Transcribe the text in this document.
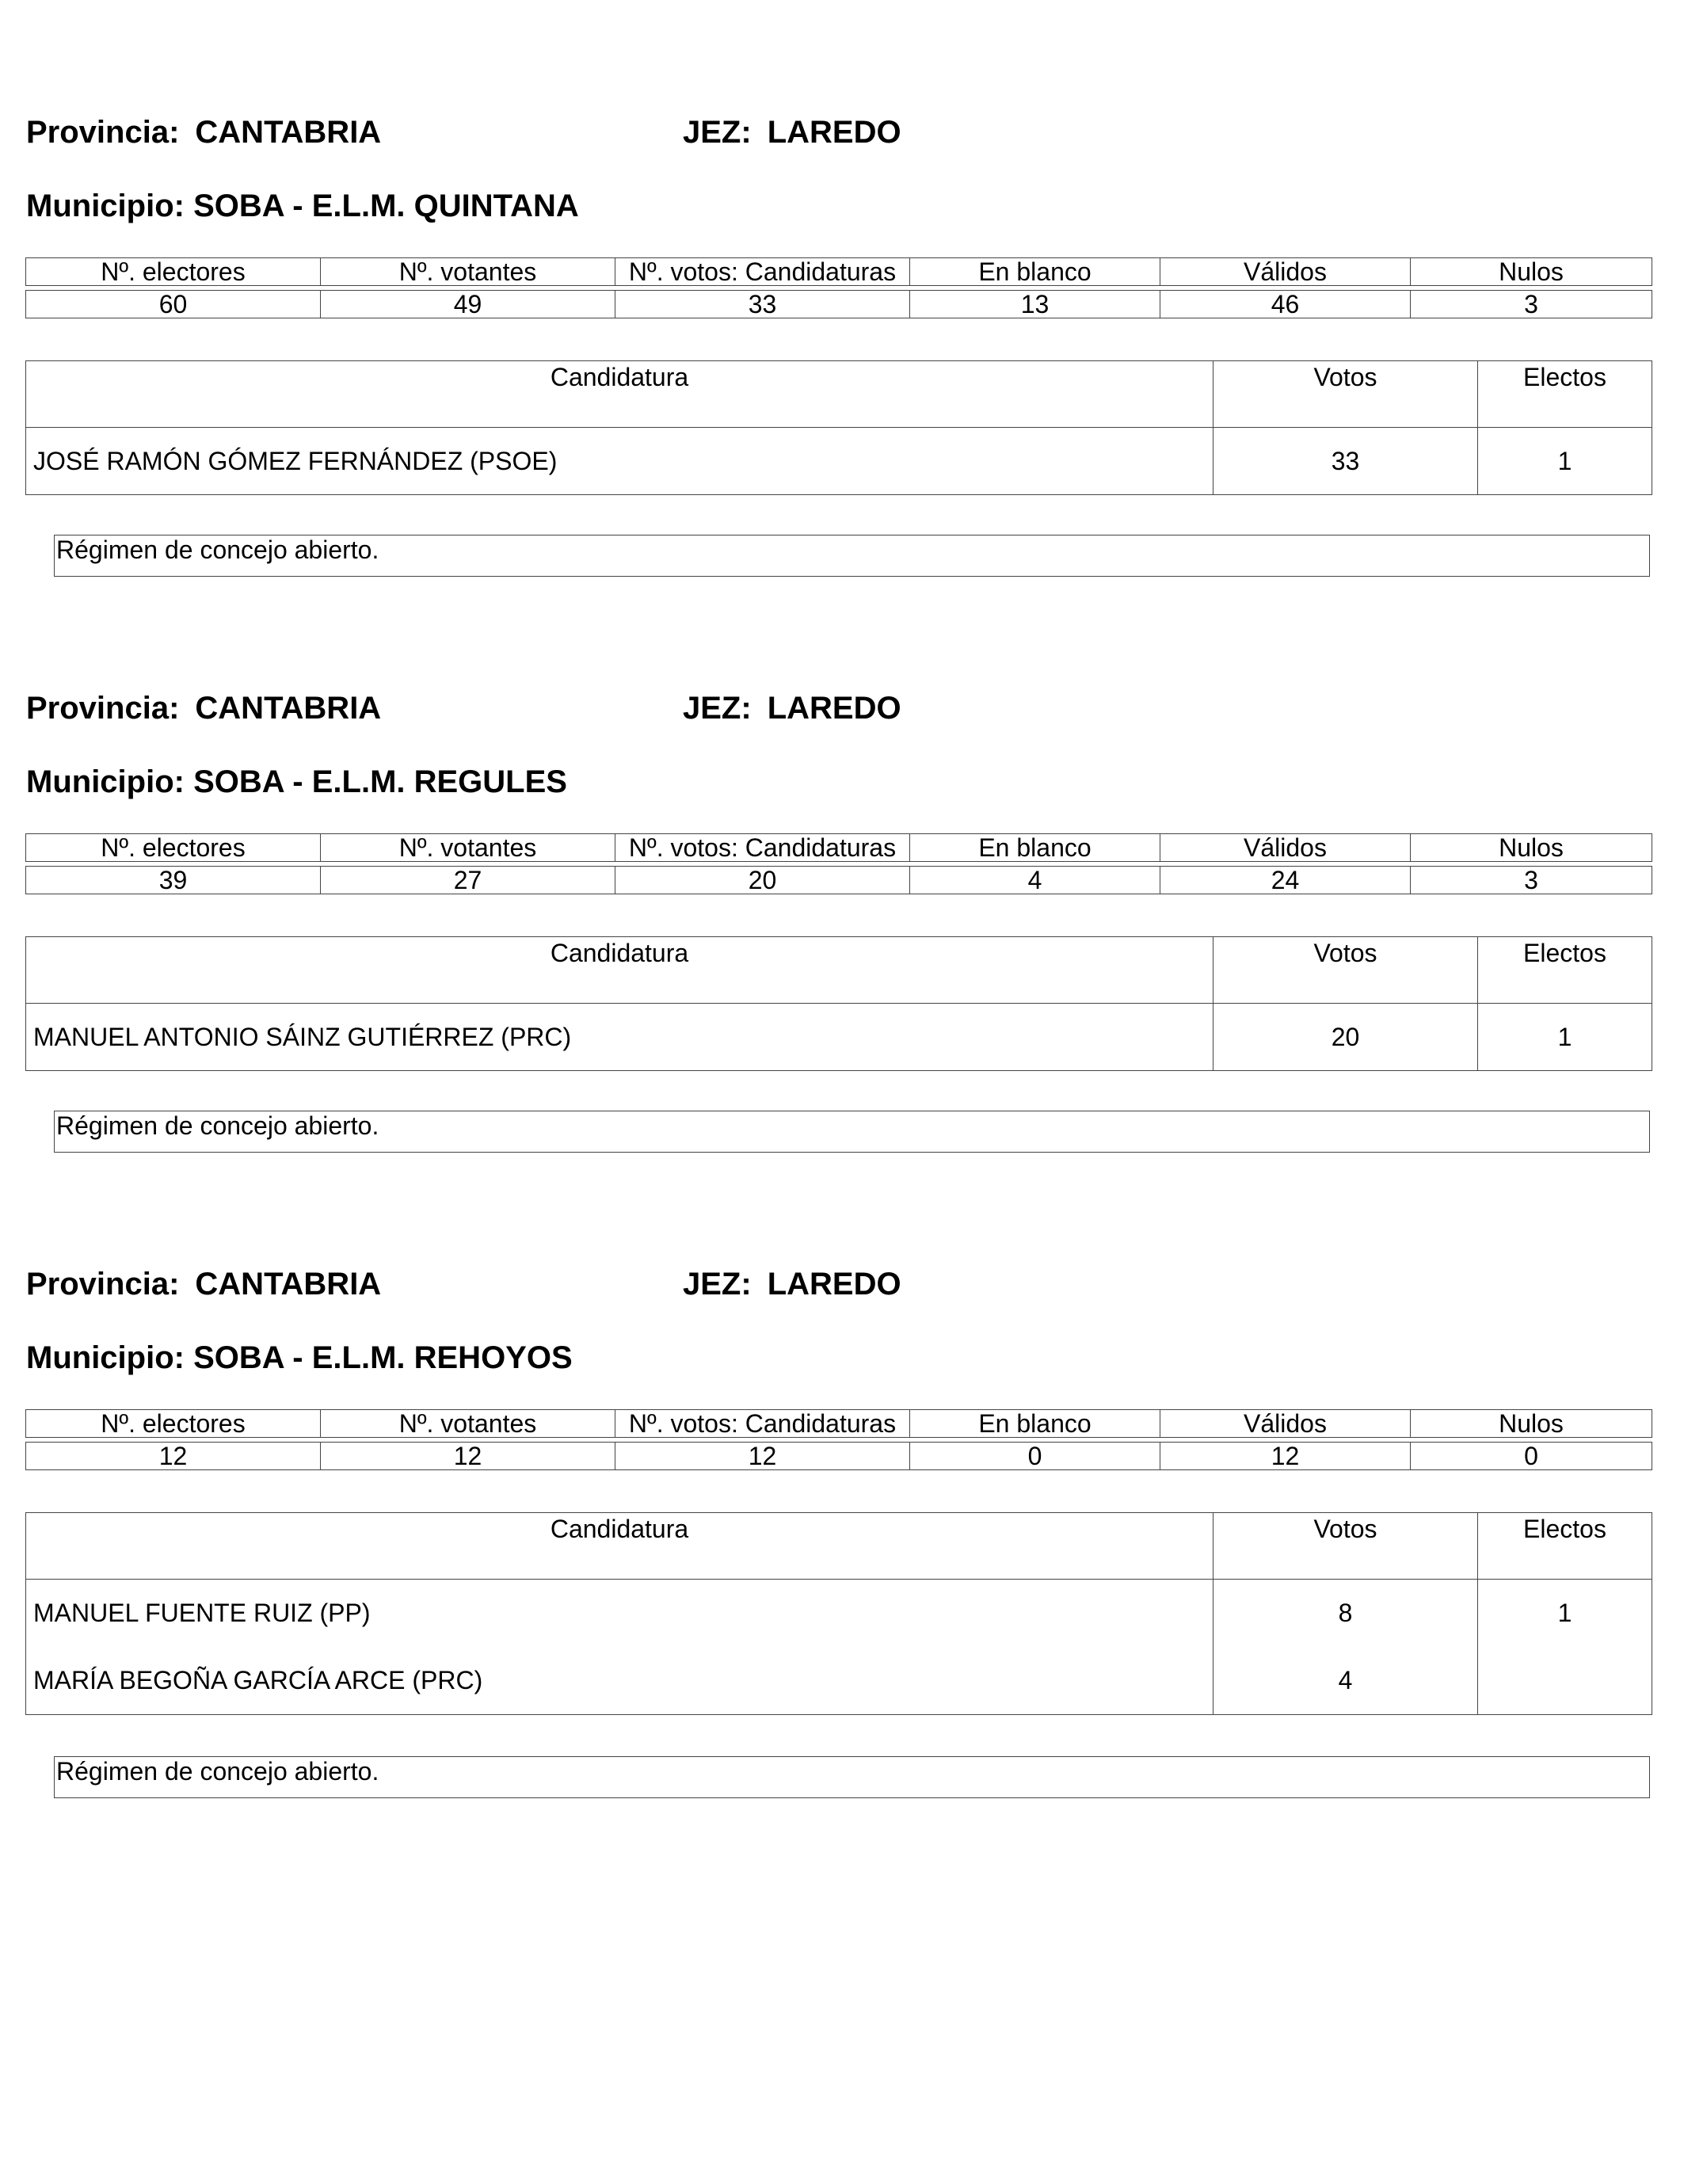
Provincia: CANTABRIA	JEZ: LAREDO
Municipio: SOBA - E.L.M. QUINTANA
Nº. electores	Nº. votantes	Nº. votos: Candidaturas	En blanco	Válidos	Nulos

60	49	33	13	46	3
Candidatura	Votos	Electos
JOSÉ RAMÓN GÓMEZ FERNÁNDEZ (PSOE)	33	1
Régimen de concejo abierto.
Provincia: CANTABRIA	JEZ: LAREDO
Municipio: SOBA - E.L.M. REGULES
Nº. electores	Nº. votantes	Nº. votos: Candidaturas	En blanco	Válidos	Nulos

39	27	20	4	24	3
Candidatura	Votos	Electos
MANUEL ANTONIO SÁINZ GUTIÉRREZ (PRC)	20	1
Régimen de concejo abierto.
Provincia: CANTABRIA	JEZ: LAREDO
Municipio: SOBA - E.L.M. REHOYOS
Nº. electores	Nº. votantes	Nº. votos: Candidaturas	En blanco	Válidos	Nulos

12	12	12	0	12	0
Candidatura	Votos	Electos
MANUEL FUENTE RUIZ (PP)	8	1
MARÍA BEGOÑA GARCÍA ARCE (PRC)	4	
Régimen de concejo abierto.
